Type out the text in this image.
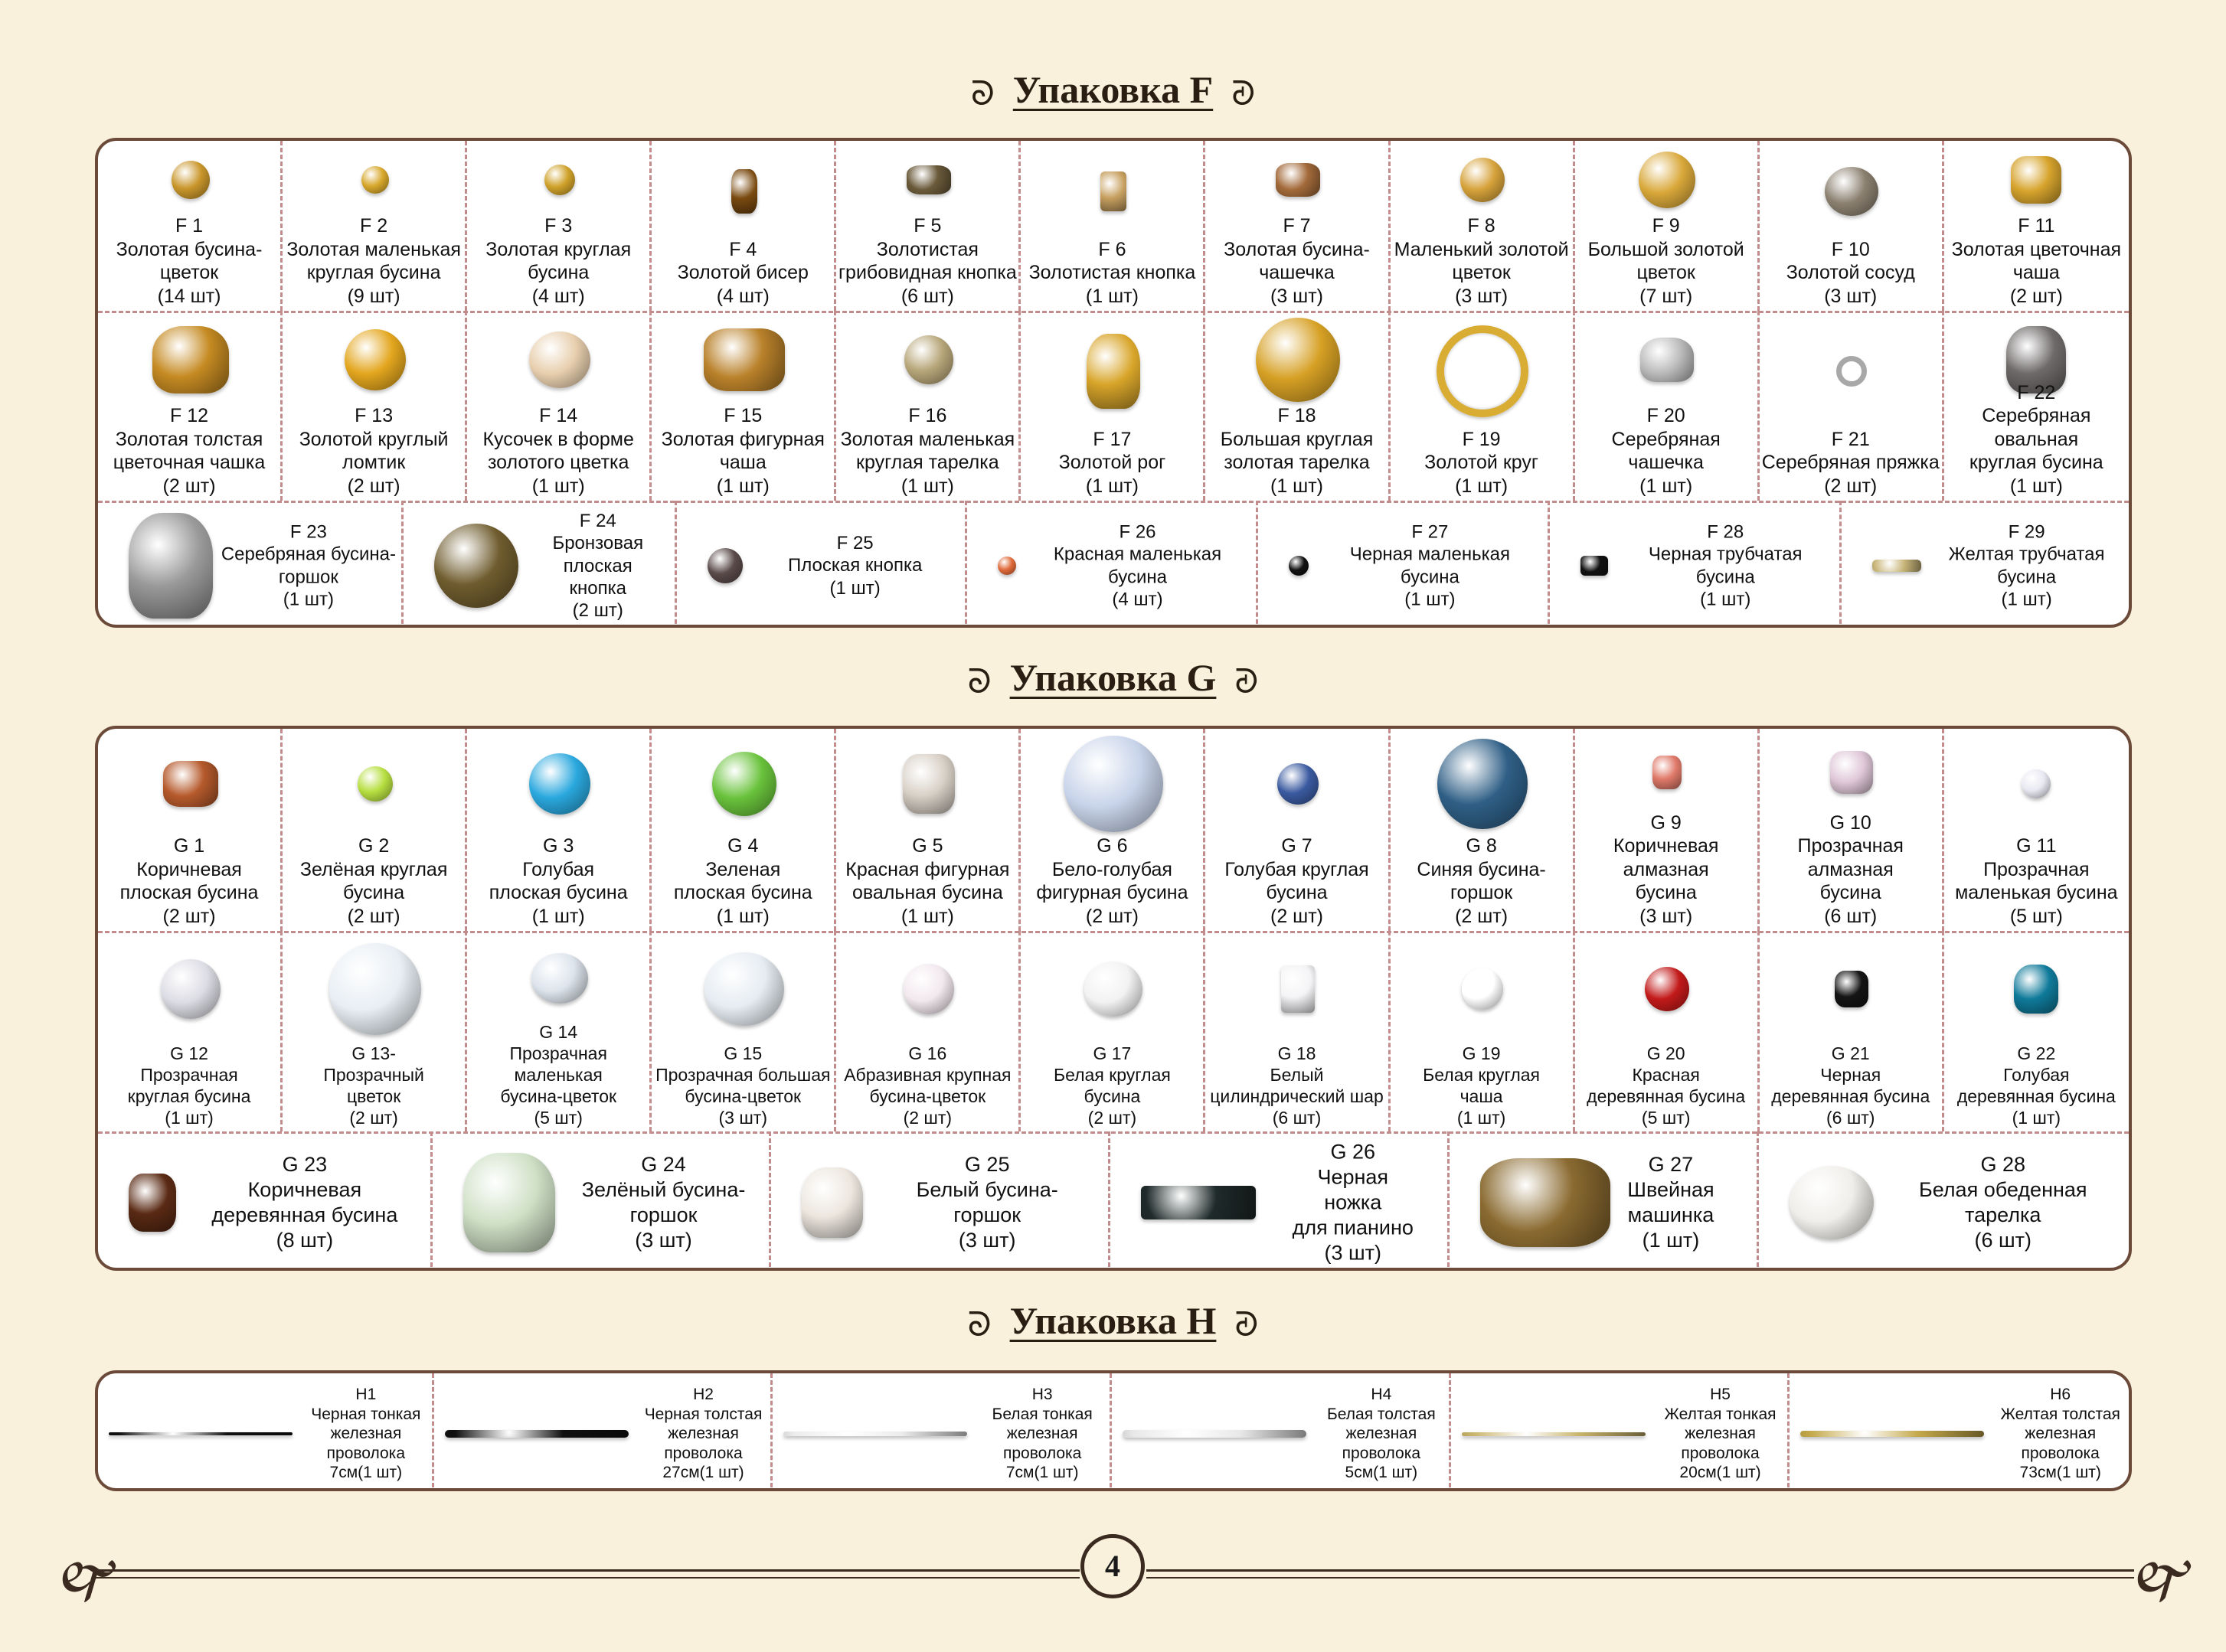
ᘐ Упаковка F ᘑ
F 1
Золотая бусина-
цветок
(14 шт)
F 2
Золотая маленькая
круглая бусина
(9 шт)
F 3
Золотая круглая
бусина
(4 шт)
F 4
Золотой бисер
(4 шт)
F 5
Золотистая
грибовидная кнопка
(6 шт)
F 6
Золотистая кнопка
(1 шт)
F 7
Золотая бусина-
чашечка
(3 шт)
F 8
Маленький золотой
цветок
(3 шт)
F 9
Большой золотой
цветок
(7 шт)
F 10
Золотой сосуд
(3 шт)
F 11
Золотая цветочная
чаша
(2 шт)
F 12
Золотая толстая
цветочная чашка
(2 шт)
F 13
Золотой круглый
ломтик
(2 шт)
F 14
Кусочек в форме
золотого цветка
(1 шт)
F 15
Золотая фигурная
чаша
(1 шт)
F 16
Золотая маленькая
круглая тарелка
(1 шт)
F 17
Золотой рог
(1 шт)
F 18
Большая круглая
золотая тарелка
(1 шт)
F 19
Золотой круг
(1 шт)
F 20
Серебряная
чашечка
(1 шт)
F 21
Серебряная пряжка
(2 шт)
F 22
Серебряная овальная
круглая бусина
(1 шт)
F 23
Серебряная бусина-
горшок
(1 шт)
F 24
Бронзовая плоская
кнопка
(2 шт)
F 25
Плоская кнопка
(1 шт)
F 26
Красная маленькая
бусина
(4 шт)
F 27
Черная маленькая
бусина
(1 шт)
F 28
Черная трубчатая
бусина
(1 шт)
F 29
Желтая трубчатая
бусина
(1 шт)
ᘐ Упаковка G ᘑ
G 1
Коричневая
плоская бусина
(2 шт)
G 2
Зелёная круглая
бусина
(2 шт)
G 3
Голубая
плоская бусина
(1 шт)
G 4
Зеленая
плоская бусина
(1 шт)
G 5
Красная фигурная
овальная бусина
(1 шт)
G 6
Бело-голубая
фигурная бусина
(2 шт)
G 7
Голубая круглая
бусина
(2 шт)
G 8
Синяя бусина-
горшок
(2 шт)
G 9
Коричневая
алмазная
бусина
(3 шт)
G 10
Прозрачная
алмазная
бусина
(6 шт)
G 11
Прозрачная
маленькая бусина
(5 шт)
G 12
Прозрачная
круглая бусина
(1 шт)
G 13-
Прозрачный
цветок
(2 шт)
G 14
Прозрачная
маленькая
бусина-цветок
(5 шт)
G 15
Прозрачная большая
бусина-цветок
(3 шт)
G 16
Абразивная крупная
бусина-цветок
(2 шт)
G 17
Белая круглая
бусина
(2 шт)
G 18
Белый
цилиндрический шар
(6 шт)
G 19
Белая круглая
чаша
(1 шт)
G 20
Красная
деревянная бусина
(5 шт)
G 21
Черная
деревянная бусина
(6 шт)
G 22
Голубая
деревянная бусина
(1 шт)
G 23
Коричневая
деревянная бусина
(8 шт)
G 24
Зелёный бусина-
горшок
(3 шт)
G 25
Белый бусина-
горшок
(3 шт)
G 26
Черная
ножка
для пианино
(3 шт)
G 27
Швейная
машинка
(1 шт)
G 28
Белая обеденная
тарелка
(6 шт)
ᘐ Упаковка H ᘑ
H1
Черная тонкая
железная
проволока
7см(1 шт)
H2
Черная толстая
железная
проволока
27см(1 шт)
H3
Белая тонкая
железная
проволока
7см(1 шт)
H4
Белая толстая
железная
проволока
5см(1 шт)
H5
Желтая тонкая
железная
проволока
20см(1 шт)
H6
Желтая толстая
железная
проволока
73см(1 шт)
🙰	🙰
4
